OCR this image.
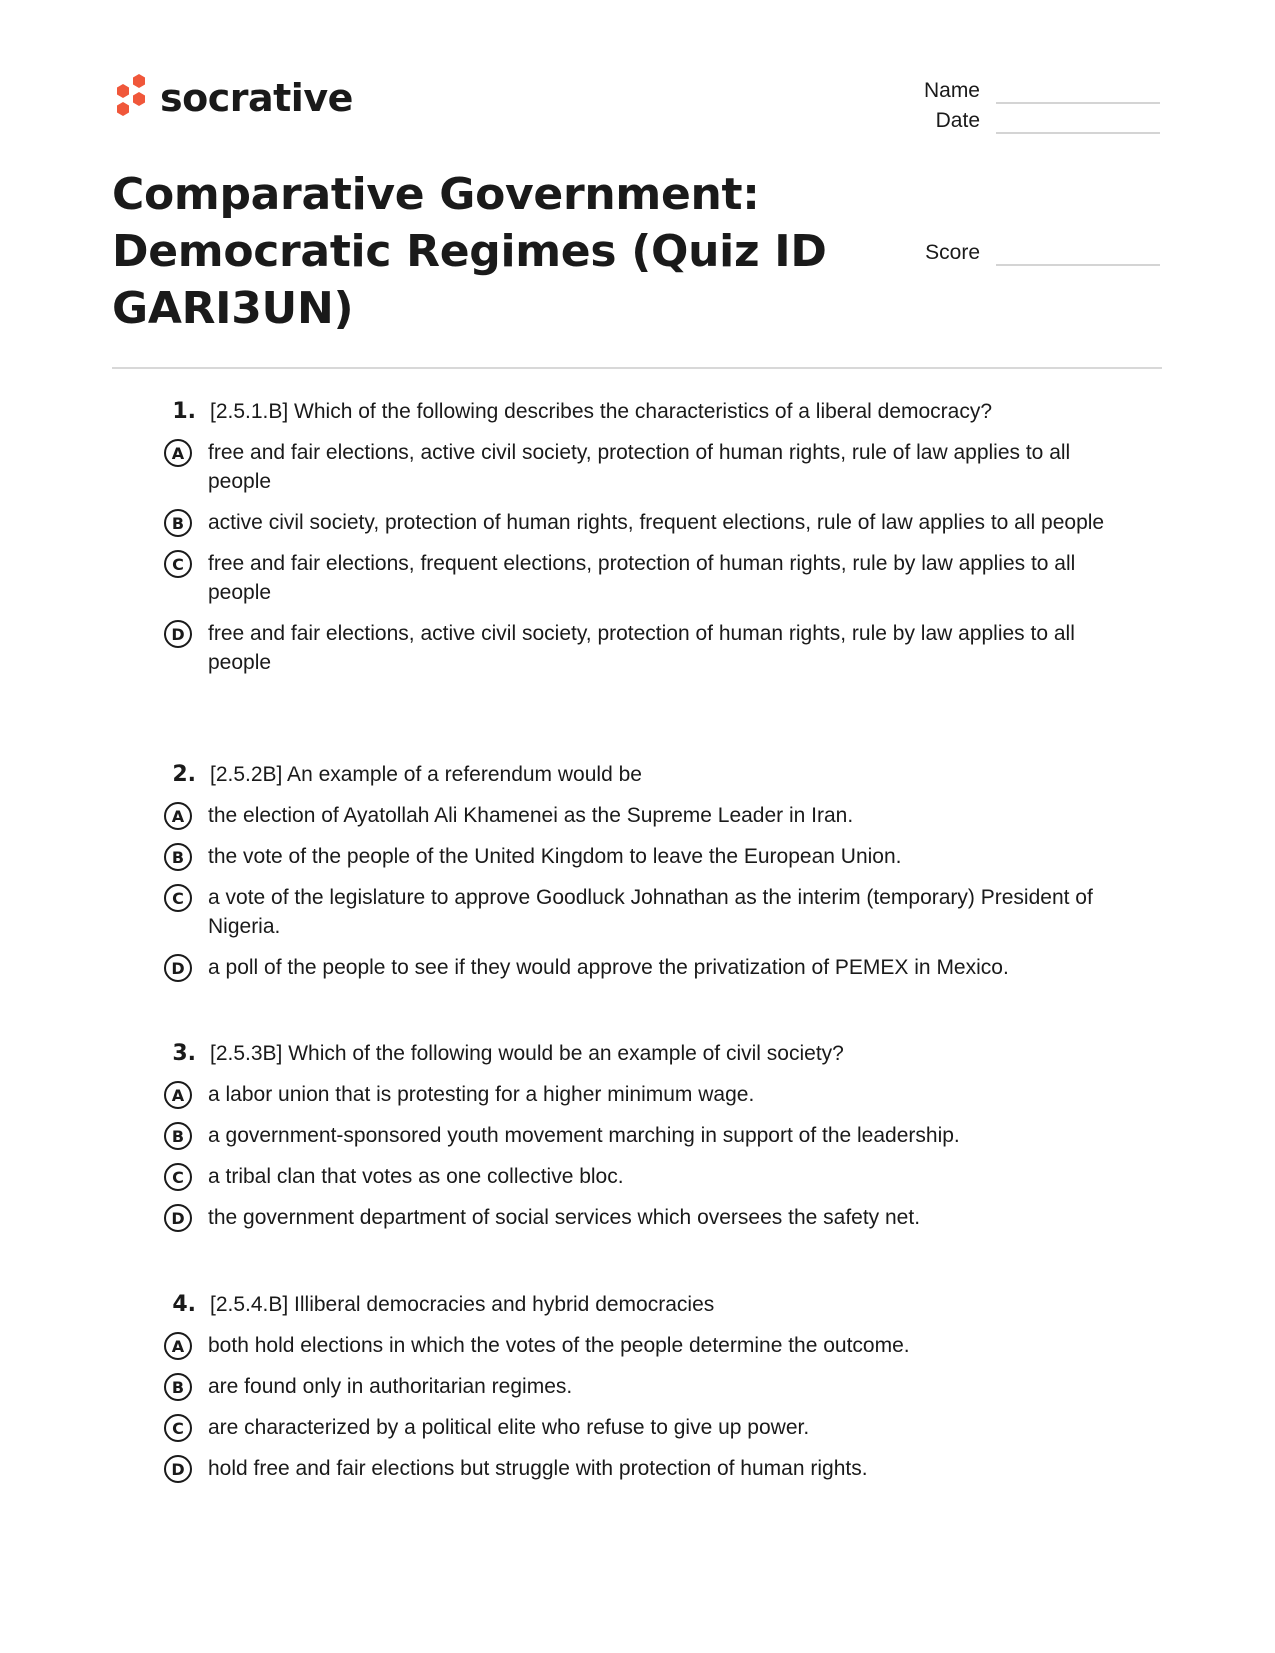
socrative	Name
Date
Score
Comparative Government: Democratic Regimes (Quiz ID GARI3UN)
1. [2.5.1.B] Which of the following describes the characteristics of a liberal democracy?
A	free and fair elections, active civil society, protection of human rights, rule of law applies to all people
B	active civil society, protection of human rights, frequent elections, rule of law applies to all people
C	free and fair elections, frequent elections, protection of human rights, rule by law applies to all people
D	free and fair elections, active civil society, protection of human rights, rule by law applies to all people
2. [2.5.2B] An example of a referendum would be
A	the election of Ayatollah Ali Khamenei as the Supreme Leader in Iran.
B	the vote of the people of the United Kingdom to leave the European Union.
C	a vote of the legislature to approve Goodluck Johnathan as the interim (temporary) President of Nigeria.
D	a poll of the people to see if they would approve the privatization of PEMEX in Mexico.
3. [2.5.3B] Which of the following would be an example of civil society?
A	a labor union that is protesting for a higher minimum wage.
B	a government-sponsored youth movement marching in support of the leadership.
C	a tribal clan that votes as one collective bloc.
D	the government department of social services which oversees the safety net.
4. [2.5.4.B] Illiberal democracies and hybrid democracies
A	both hold elections in which the votes of the people determine the outcome.
B	are found only in authoritarian regimes.
C	are characterized by a political elite who refuse to give up power.
D	hold free and fair elections but struggle with protection of human rights.
